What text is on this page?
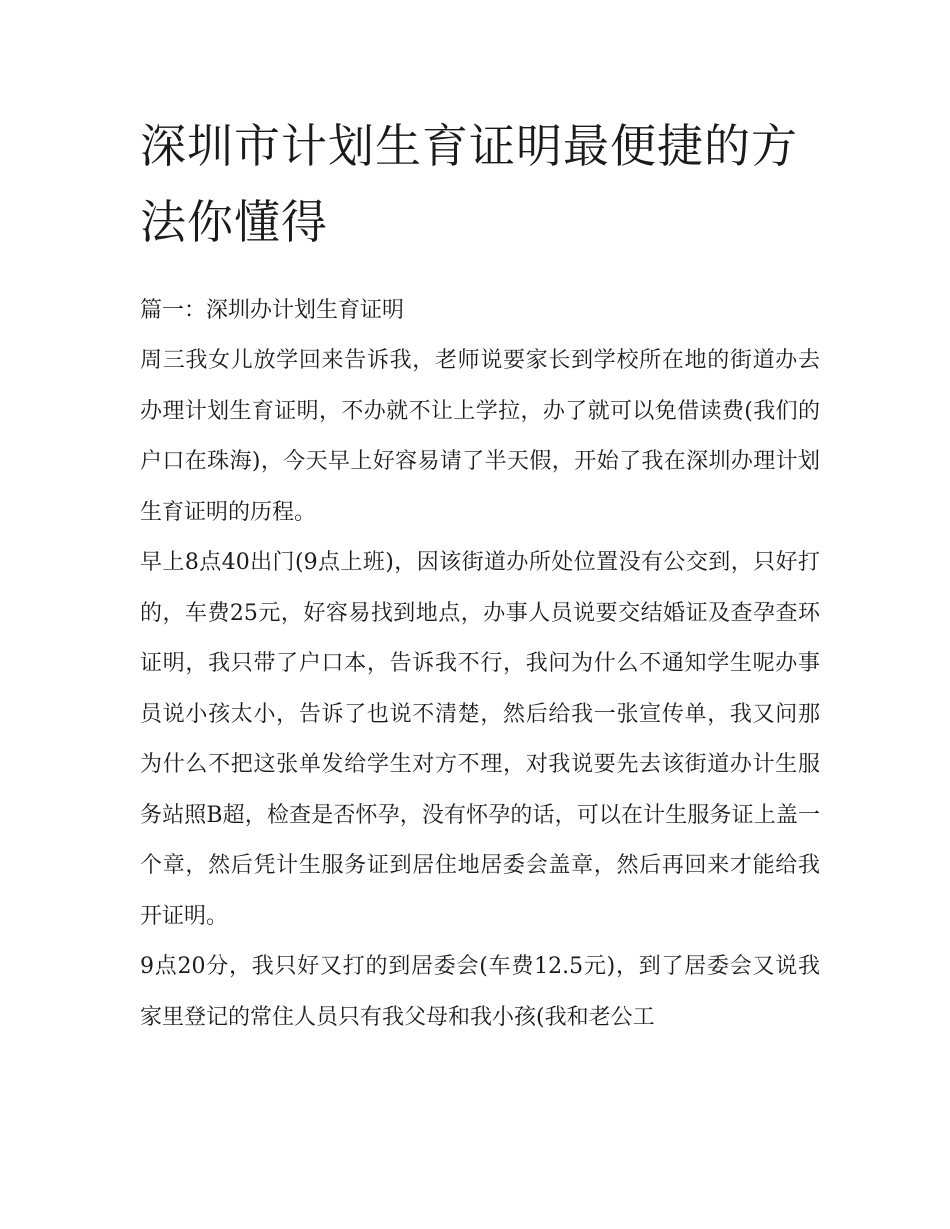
深圳市计划生育证明最便捷的方法你懂得

篇一：深圳办计划生育证明

周三我女儿放学回来告诉我，老师说要家长到学校所在地的街道办去办理计划生育证明，不办就不让上学拉，办了就可以免借读费(我们的户口在珠海)，今天早上好容易请了半天假，开始了我在深圳办理计划生育证明的历程。

早上8点40出门(9点上班)，因该街道办所处位置没有公交到，只好打的，车费25元，好容易找到地点，办事人员说要交结婚证及查孕查环证明，我只带了户口本，告诉我不行，我问为什么不通知学生呢办事员说小孩太小，告诉了也说不清楚，然后给我一张宣传单，我又问那为什么不把这张单发给学生对方不理，对我说要先去该街道办计生服务站照B超，检查是否怀孕，没有怀孕的话，可以在计生服务证上盖一个章，然后凭计生服务证到居住地居委会盖章，然后再回来才能给我开证明。

9点20分，我只好又打的到居委会(车费12.5元)，到了居委会又说我家里登记的常住人员只有我父母和我小孩(我和老公工
